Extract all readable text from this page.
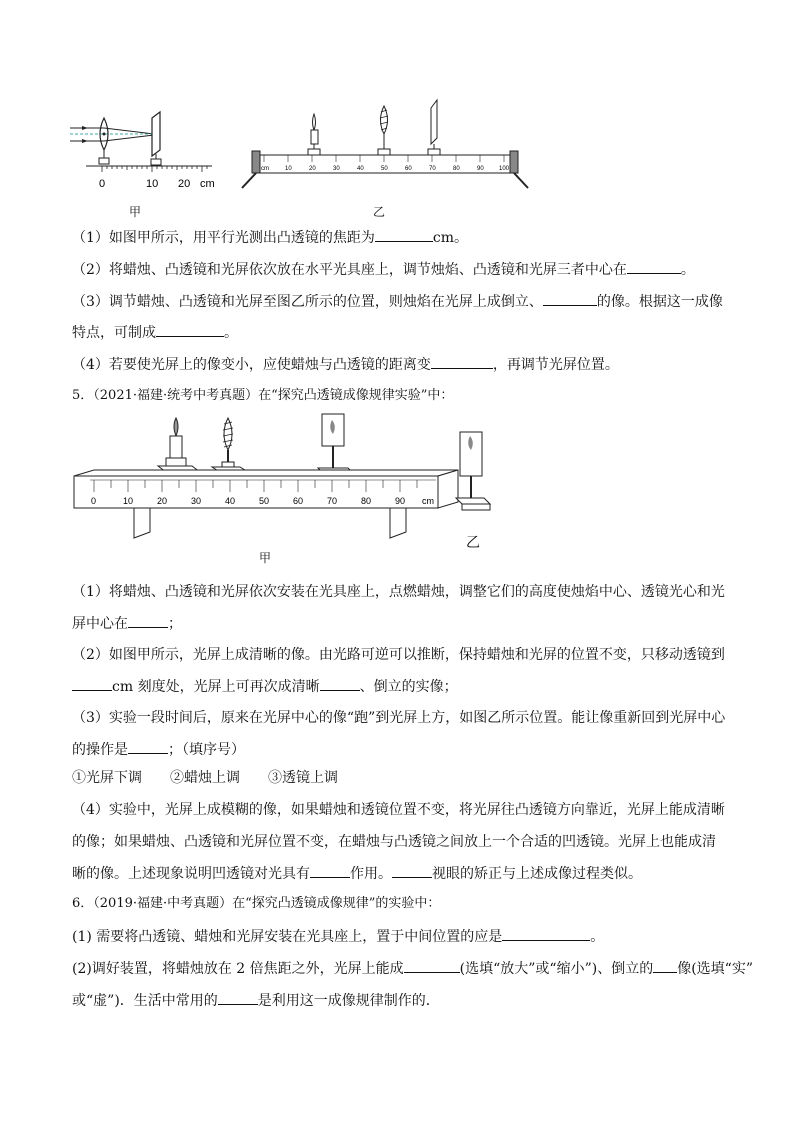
0	10 20 cm
甲
cm	10	20	30	40	50	60	70	80	90	100
乙
（1）如图甲所示，用平行光测出凸透镜的焦距为	cm。
（2）将蜡烛、凸透镜和光屏依次放在水平光具座上，调节烛焰、凸透镜和光屏三者中心在	。
（3）调节蜡烛、凸透镜和光屏至图乙所示的位置，则烛焰在光屏上成倒立、	的像。根据这一成像
特点，可制成	。
（4）若要使光屏上的像变小，应使蜡烛与凸透镜的距离变	，再调节光屏位置。
5．（2021·福建·统考中考真题）在“探究凸透镜成像规律实验”中：
0	10	20	30	40	50	60	70	80	90 cm
甲
乙
（1）将蜡烛、凸透镜和光屏依次安装在光具座上，点燃蜡烛，调整它们的高度使烛焰中心、透镜光心和光
屏中心在	；
（2）如图甲所示，光屏上成清晰的像。由光路可逆可以推断，保持蜡烛和光屏的位置不变，只移动透镜到
cm 刻度处，光屏上可再次成清晰	、倒立的实像；
（3）实验一段时间后，原来在光屏中心的像“跑”到光屏上方，如图乙所示位置。能让像重新回到光屏中心
的操作是	；（填序号）
①光屏下调 ②蜡烛上调 ③透镜上调
（4）实验中，光屏上成模糊的像，如果蜡烛和透镜位置不变，将光屏往凸透镜方向靠近，光屏上能成清晰
的像；如果蜡烛、凸透镜和光屏位置不变，在蜡烛与凸透镜之间放上一个合适的凹透镜。光屏上也能成清
晰的像。上述现象说明凹透镜对光具有	作用。	视眼的矫正与上述成像过程类似。
6．（2019·福建·中考真题）在“探究凸透镜成像规律”的实验中：
(1) 需要将凸透镜、蜡烛和光屏安装在光具座上，置于中间位置的应是	。
(2)调好装置，将蜡烛放在 2 倍焦距之外，光屏上能成	(选填“放大”或“缩小”)、倒立的 像(选填“实”
或“虚”)．生活中常用的	是利用这一成像规律制作的．
